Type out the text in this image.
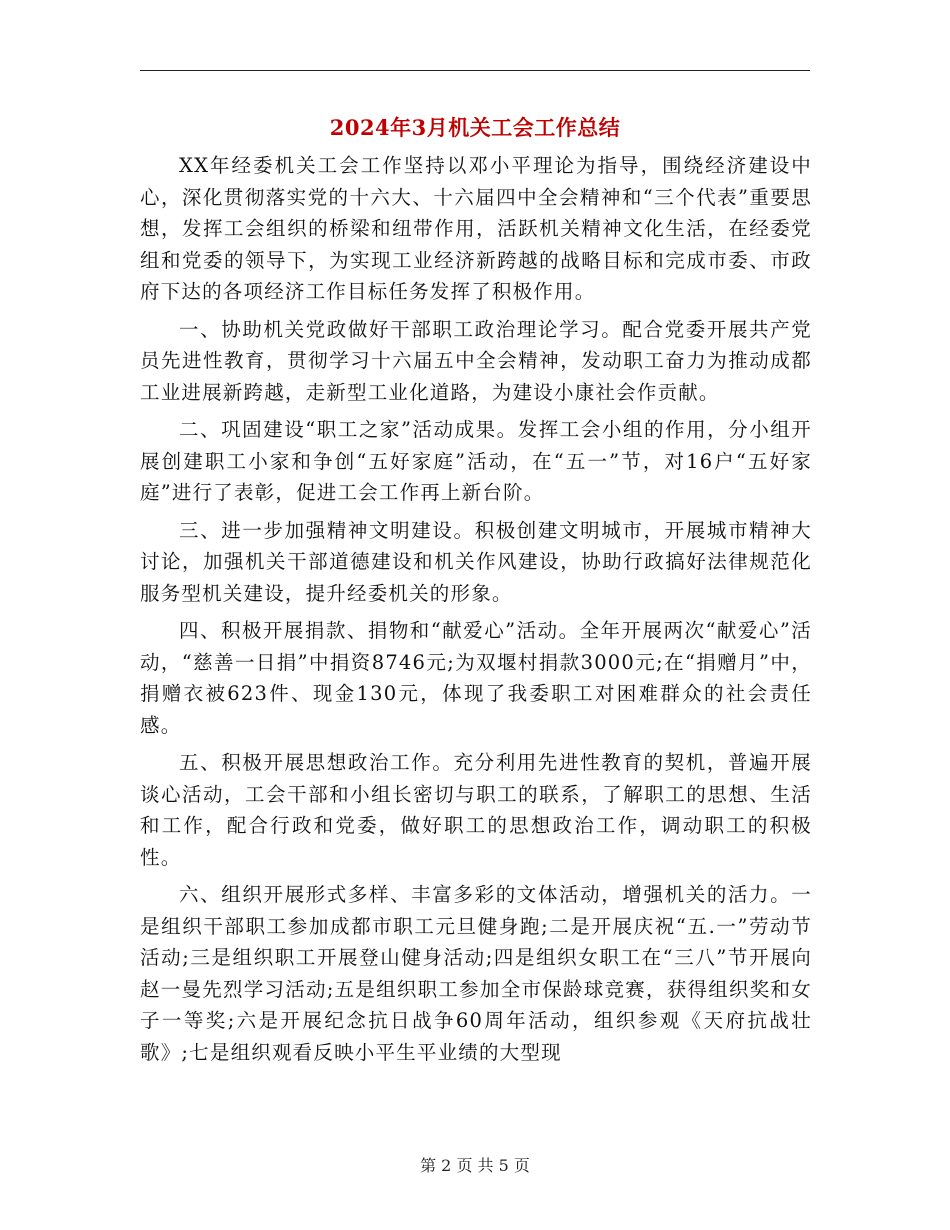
2024年3月机关工会工作总结

XX年经委机关工会工作坚持以邓小平理论为指导，围绕经济建设中心，深化贯彻落实党的十六大、十六届四中全会精神和“三个代表”重要思想，发挥工会组织的桥梁和纽带作用，活跃机关精神文化生活，在经委党组和党委的领导下，为实现工业经济新跨越的战略目标和完成市委、市政府下达的各项经济工作目标任务发挥了积极作用。

一、协助机关党政做好干部职工政治理论学习。配合党委开展共产党员先进性教育，贯彻学习十六届五中全会精神，发动职工奋力为推动成都工业进展新跨越，走新型工业化道路，为建设小康社会作贡献。

二、巩固建设“职工之家”活动成果。发挥工会小组的作用，分小组开展创建职工小家和争创“五好家庭”活动，在“五一”节，对16户“五好家庭”进行了表彰，促进工会工作再上新台阶。

三、进一步加强精神文明建设。积极创建文明城市，开展城市精神大讨论，加强机关干部道德建设和机关作风建设，协助行政搞好法律规范化服务型机关建设，提升经委机关的形象。

四、积极开展捐款、捐物和“献爱心”活动。全年开展两次“献爱心”活动，“慈善一日捐”中捐资8746元;为双堰村捐款3000元;在“捐赠月”中，捐赠衣被623件、现金130元，体现了我委职工对困难群众的社会责任感。

五、积极开展思想政治工作。充分利用先进性教育的契机，普遍开展谈心活动，工会干部和小组长密切与职工的联系，了解职工的思想、生活和工作，配合行政和党委，做好职工的思想政治工作，调动职工的积极性。

六、组织开展形式多样、丰富多彩的文体活动，增强机关的活力。一是组织干部职工参加成都市职工元旦健身跑;二是开展庆祝“五.一”劳动节活动;三是组织职工开展登山健身活动;四是组织女职工在“三八”节开展向赵一曼先烈学习活动;五是组织职工参加全市保龄球竞赛，获得组织奖和女子一等奖;六是开展纪念抗日战争60周年活动，组织参观《天府抗战壮歌》;七是组织观看反映小平生平业绩的大型现

第 2 页 共 5 页
